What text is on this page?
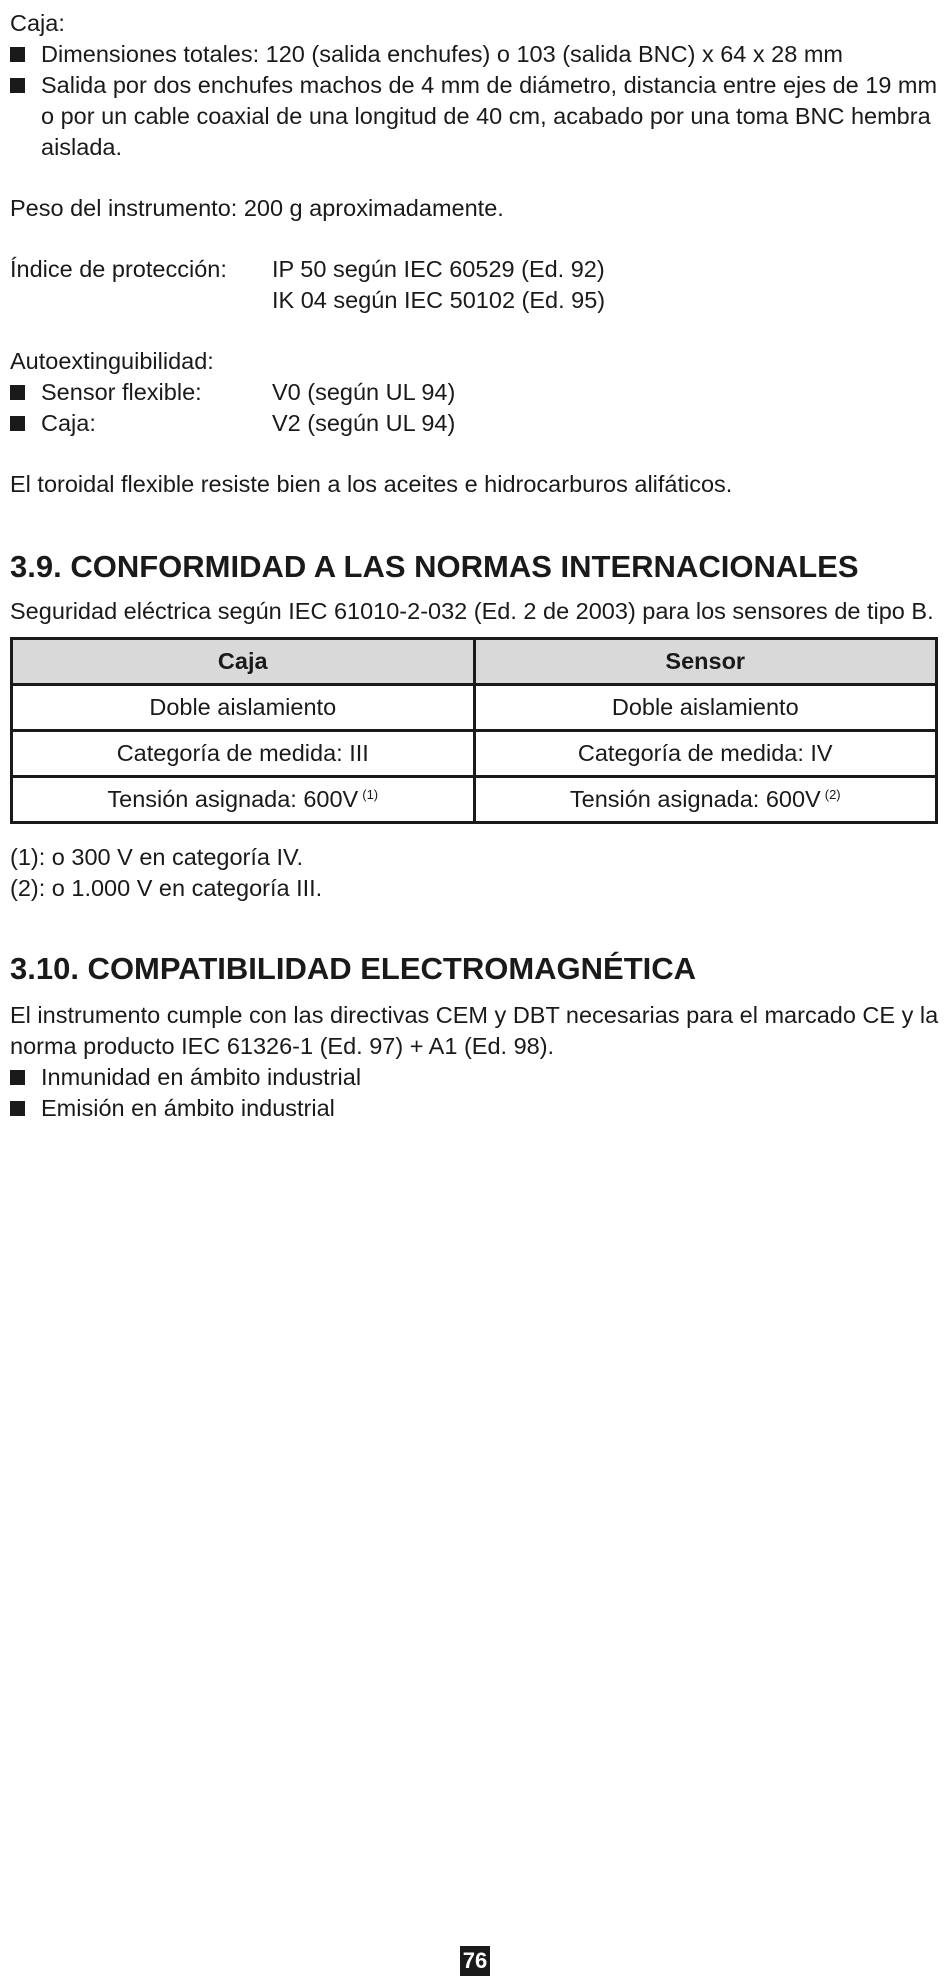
Caja:

Dimensiones totales: 120 (salida enchufes) o 103 (salida BNC) x 64 x 28 mm
Salida por dos enchufes machos de 4 mm de diámetro, distancia entre ejes de 19 mm o por un cable coaxial de una longitud de 40 cm, acabado por una toma BNC hembra aislada.

Peso del instrumento: 200 g aproximadamente.

Índice de protección:	IP 50 según IEC 60529 (Ed. 92)
IK 04 según IEC 50102 (Ed. 95)

Autoextinguibilidad:

Sensor flexible:	V0 (según UL 94)
Caja:	V2 (según UL 94)

El toroidal flexible resiste bien a los aceites e hidrocarburos alifáticos.

3.9. CONFORMIDAD A LAS NORMAS INTERNACIONALES

Seguridad eléctrica según IEC 61010-2-032 (Ed. 2 de 2003) para los sensores de tipo B.

Caja	Sensor
Doble aislamiento	Doble aislamiento
Categoría de medida: III	Categoría de medida: IV
Tensión asignada: 600V $^{(1)}$	Tensión asignada: 600V $^{(2)}$

(1): o 300 V en categoría IV.

(2): o 1.000 V en categoría III.

3.10. COMPATIBILIDAD ELECTROMAGNÉTICA

El instrumento cumple con las directivas CEM y DBT necesarias para el marcado CE y la norma producto IEC 61326-1 (Ed. 97) + A1 (Ed. 98).

Inmunidad en ámbito industrial
Emisión en ámbito industrial
76
